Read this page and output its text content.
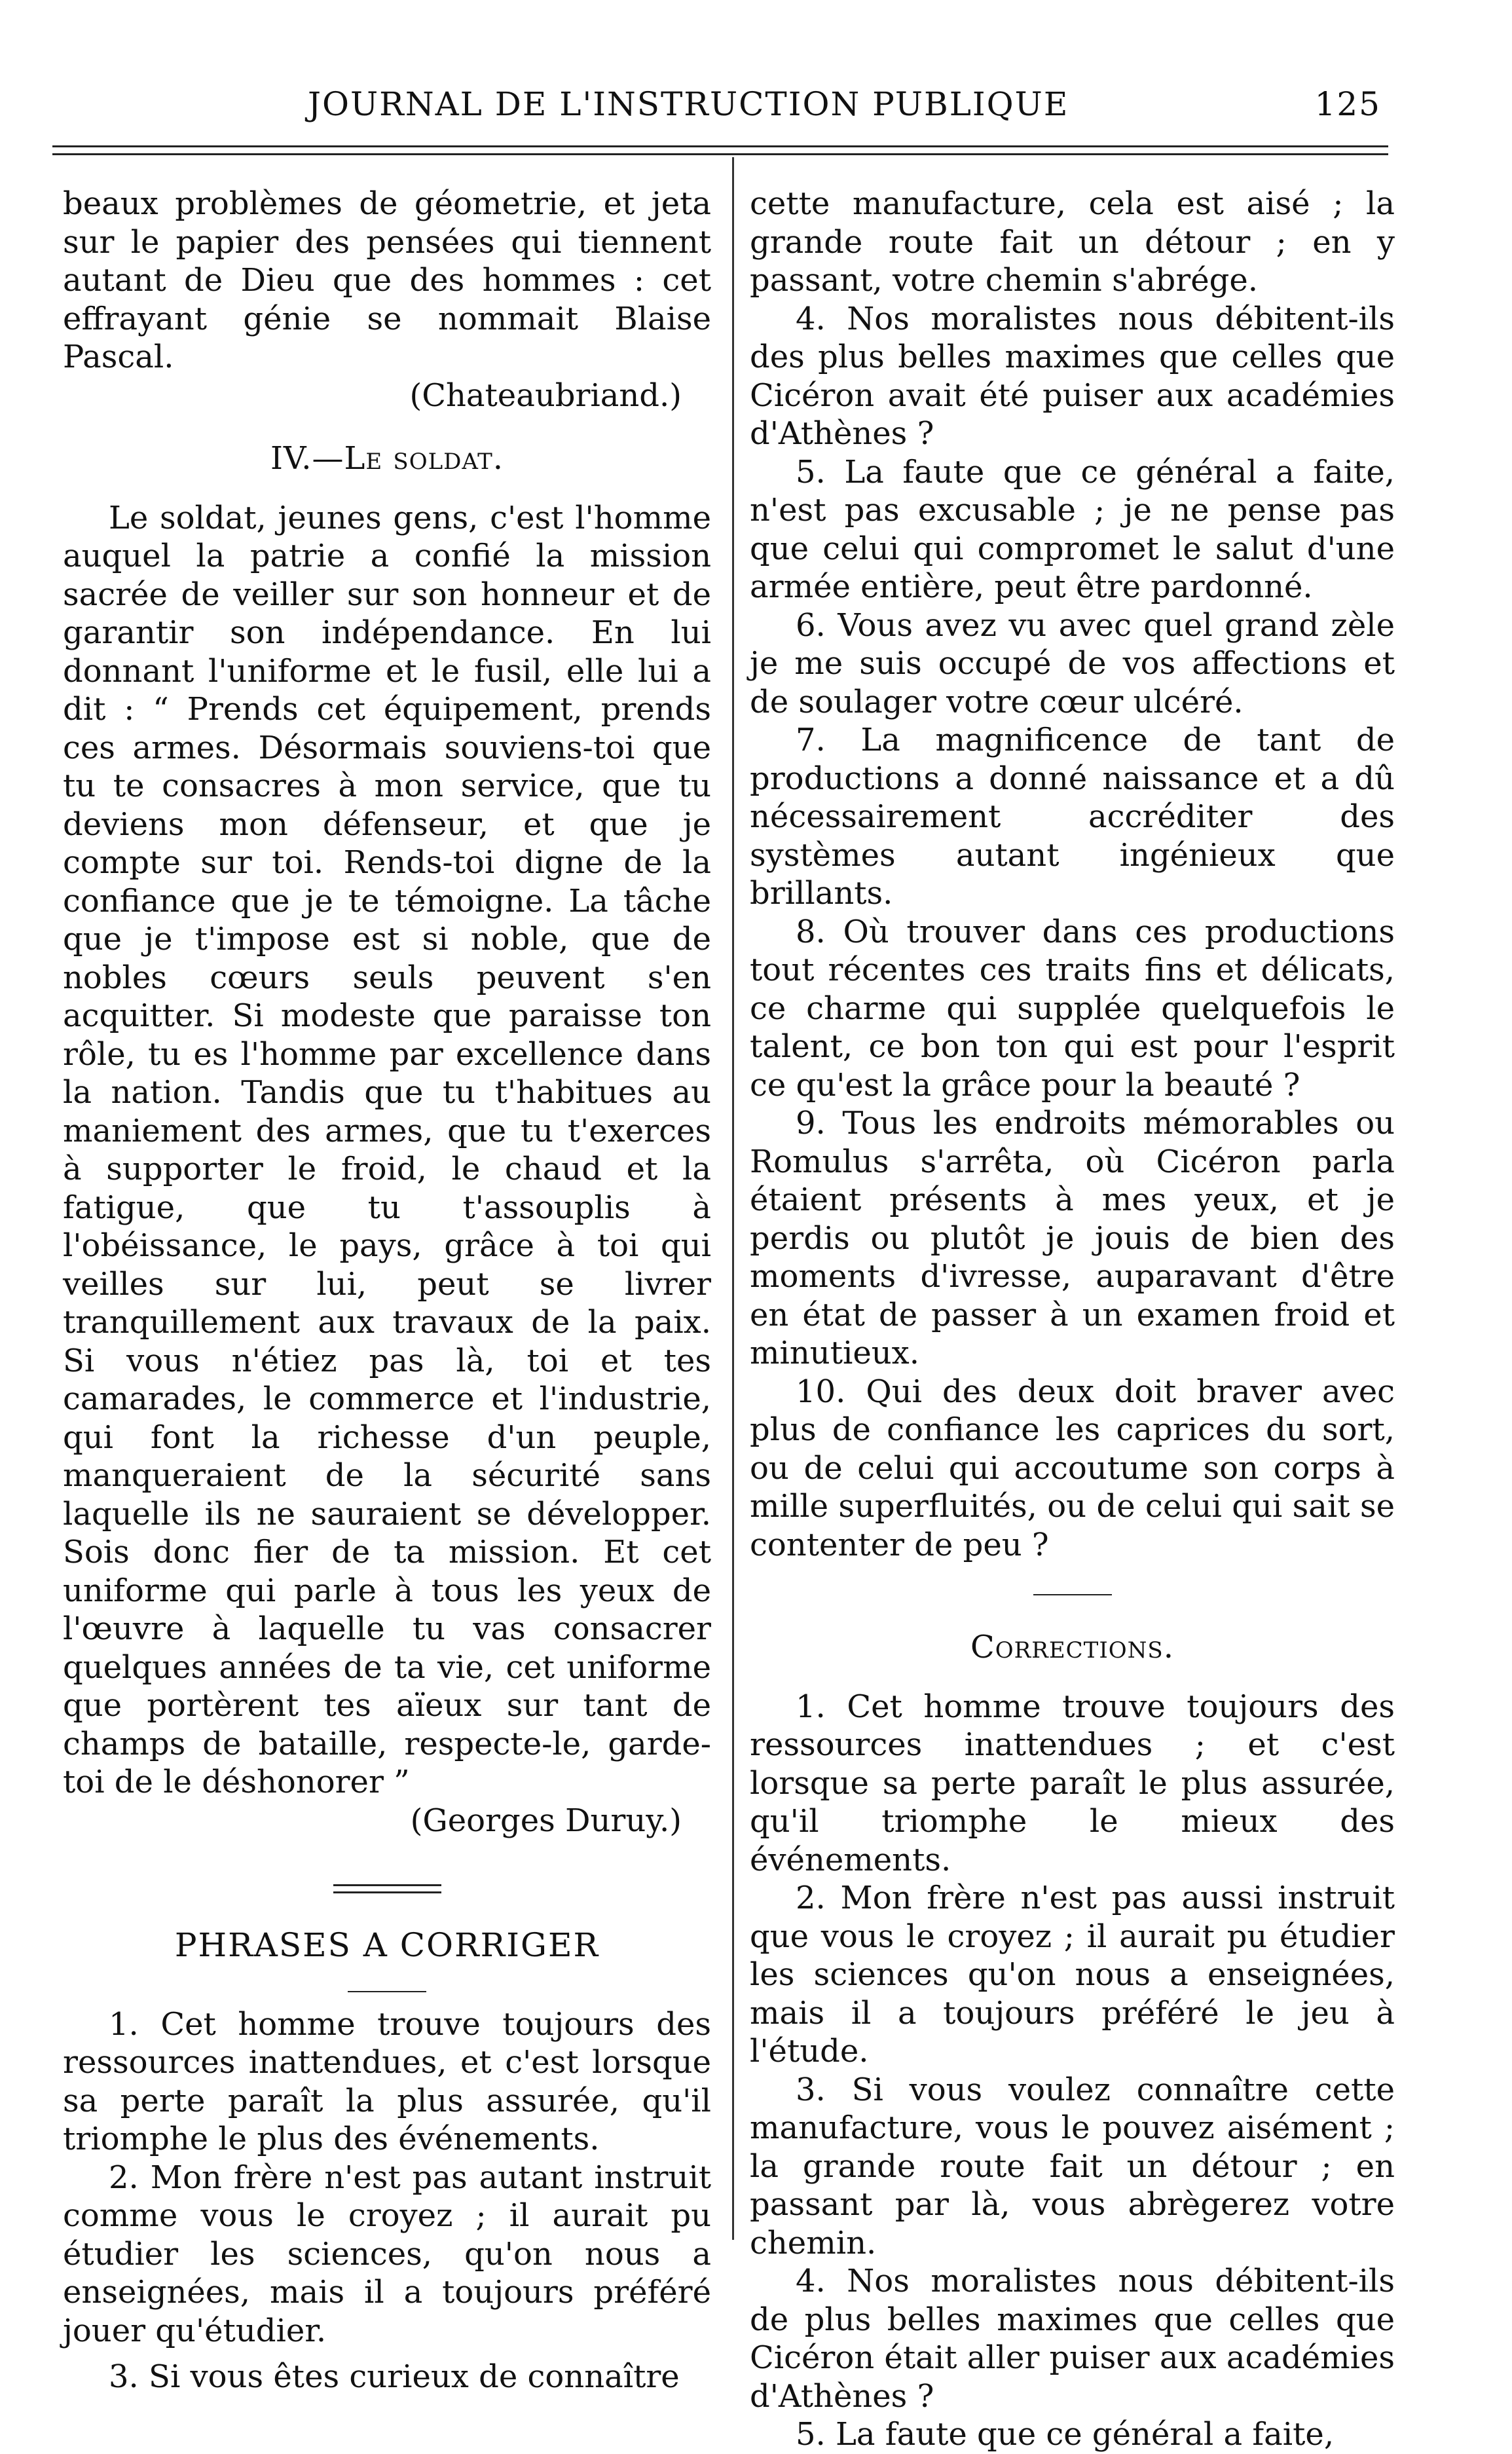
JOURNAL DE L'INSTRUCTION PUBLIQUE	125

beaux problèmes de géometrie, et jeta sur le papier des pensées qui tiennent autant de Dieu que des hommes : cet effrayant génie se nommait Blaise Pascal.

(Chateaubriand.)

IV.—Le soldat.

Le soldat, jeunes gens, c'est l'homme auquel la patrie a confié la mission sacrée de veiller sur son honneur et de garantir son indépendance. En lui donnant l'uniforme et le fusil, elle lui a dit : “ Prends cet équipement, prends ces armes. Désormais souviens-toi que tu te consacres à mon service, que tu deviens mon défenseur, et que je compte sur toi. Rends-toi digne de la confiance que je te témoigne. La tâche que je t'impose est si noble, que de nobles cœurs seuls peuvent s'en acquitter. Si modeste que paraisse ton rôle, tu es l'homme par excellence dans la nation. Tandis que tu t'habitues au maniement des armes, que tu t'exerces à supporter le froid, le chaud et la fatigue, que tu t'assouplis à l'obéissance, le pays, grâce à toi qui veilles sur lui, peut se livrer tranquillement aux travaux de la paix. Si vous n'étiez pas là, toi et tes camarades, le commerce et l'industrie, qui font la richesse d'un peuple, manqueraient de la sécurité sans laquelle ils ne sauraient se développer. Sois donc fier de ta mission. Et cet uniforme qui parle à tous les yeux de l'œuvre à laquelle tu vas consacrer quelques années de ta vie, cet uniforme que portèrent tes aïeux sur tant de champs de bataille, respecte-le, garde-toi de le déshonorer ”

(Georges Duruy.)

PHRASES A CORRIGER

1. Cet homme trouve toujours des ressources inattendues, et c'est lorsque sa perte paraît la plus assurée, qu'il triomphe le plus des événements.

2. Mon frère n'est pas autant instruit comme vous le croyez ; il aurait pu étudier les sciences, qu'on nous a enseignées, mais il a toujours préféré jouer qu'étudier.

3. Si vous êtes curieux de connaître

cette manufacture, cela est aisé ; la grande route fait un détour ; en y passant, votre chemin s'abrége.

4. Nos moralistes nous débitent-ils des plus belles maximes que celles que Cicéron avait été puiser aux académies d'Athènes ?

5. La faute que ce général a faite, n'est pas excusable ; je ne pense pas que celui qui compromet le salut d'une armée entière, peut être pardonné.

6. Vous avez vu avec quel grand zèle je me suis occupé de vos affections et de soulager votre cœur ulcéré.

7. La magnificence de tant de productions a donné naissance et a dû nécessairement accréditer des systèmes autant ingénieux que brillants.

8. Où trouver dans ces productions tout récentes ces traits fins et délicats, ce charme qui supplée quelquefois le talent, ce bon ton qui est pour l'esprit ce qu'est la grâce pour la beauté ?

9. Tous les endroits mémorables ou Romulus s'arrêta, où Cicéron parla étaient présents à mes yeux, et je perdis ou plutôt je jouis de bien des moments d'ivresse, auparavant d'être en état de passer à un examen froid et minutieux.

10. Qui des deux doit braver avec plus de confiance les caprices du sort, ou de celui qui accoutume son corps à mille superfluités, ou de celui qui sait se contenter de peu ?

Corrections.

1. Cet homme trouve toujours des ressources inattendues ; et c'est lorsque sa perte paraît le plus assurée, qu'il triomphe le mieux des événements.

2. Mon frère n'est pas aussi instruit que vous le croyez ; il aurait pu étudier les sciences qu'on nous a enseignées, mais il a toujours préféré le jeu à l'étude.

3. Si vous voulez connaître cette manufacture, vous le pouvez aisément ; la grande route fait un détour ; en passant par là, vous abrègerez votre chemin.

4. Nos moralistes nous débitent-ils de plus belles maximes que celles que Cicéron était aller puiser aux académies d'Athènes ?

5. La faute que ce général a faite,
